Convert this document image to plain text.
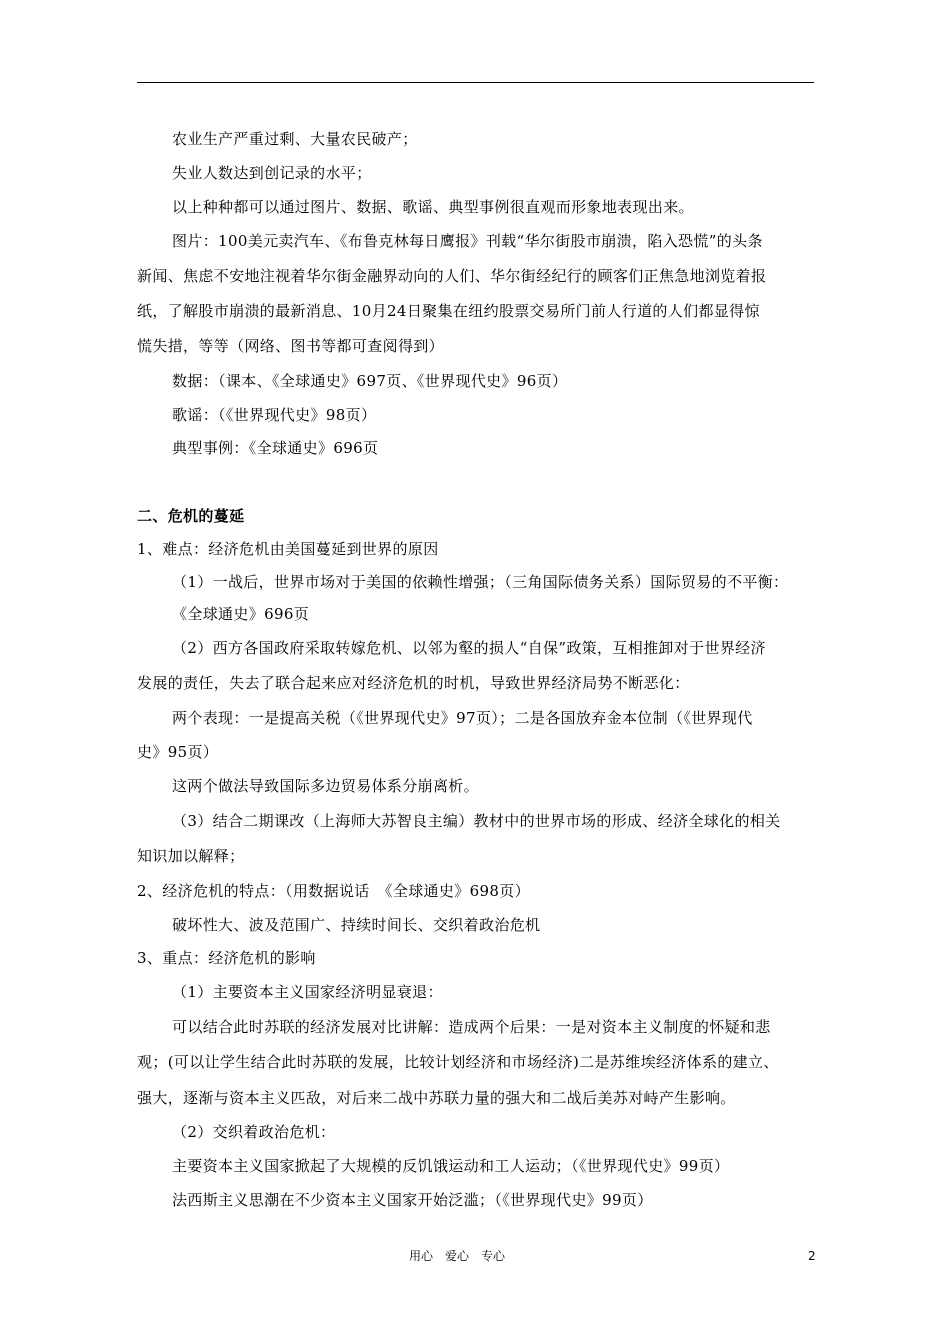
农业生产严重过剩、大量农民破产；
失业人数达到创记录的水平；
以上种种都可以通过图片、数据、歌谣、典型事例很直观而形象地表现出来。
图片：100美元卖汽车、《布鲁克林每日鹰报》刊载“华尔街股市崩溃，陷入恐慌”的头条
新闻、焦虑不安地注视着华尔街金融界动向的人们、华尔街经纪行的顾客们正焦急地浏览着报
纸，了解股市崩溃的最新消息、10月24日聚集在纽约股票交易所门前人行道的人们都显得惊
慌失措，等等（网络、图书等都可查阅得到）
数据：（课本、《全球通史》697页、《世界现代史》96页）
歌谣：（《世界现代史》98页）
典型事例：《全球通史》696页
二、危机的蔓延
1、难点：经济危机由美国蔓延到世界的原因
（1）一战后，世界市场对于美国的依赖性增强；（三角国际债务关系）国际贸易的不平衡：
《全球通史》696页
（2）西方各国政府采取转嫁危机、以邻为壑的损人“自保”政策，互相推卸对于世界经济
发展的责任，失去了联合起来应对经济危机的时机，导致世界经济局势不断恶化：
两个表现：一是提高关税（《世界现代史》97页）；二是各国放弃金本位制（《世界现代
史》95页）
这两个做法导致国际多边贸易体系分崩离析。
（3）结合二期课改（上海师大苏智良主编）教材中的世界市场的形成、经济全球化的相关
知识加以解释；
2、经济危机的特点：（用数据说话　《全球通史》698页）
破坏性大、波及范围广、持续时间长、交织着政治危机
3、重点：经济危机的影响
（1）主要资本主义国家经济明显衰退：
可以结合此时苏联的经济发展对比讲解：造成两个后果：一是对资本主义制度的怀疑和悲
观；(可以让学生结合此时苏联的发展，比较计划经济和市场经济)二是苏维埃经济体系的建立、
强大，逐渐与资本主义匹敌，对后来二战中苏联力量的强大和二战后美苏对峙产生影响。
（2）交织着政治危机：
主要资本主义国家掀起了大规模的反饥饿运动和工人运动；（《世界现代史》99页）
法西斯主义思潮在不少资本主义国家开始泛滥；（《世界现代史》99页）
用心　爱心　专心	2
